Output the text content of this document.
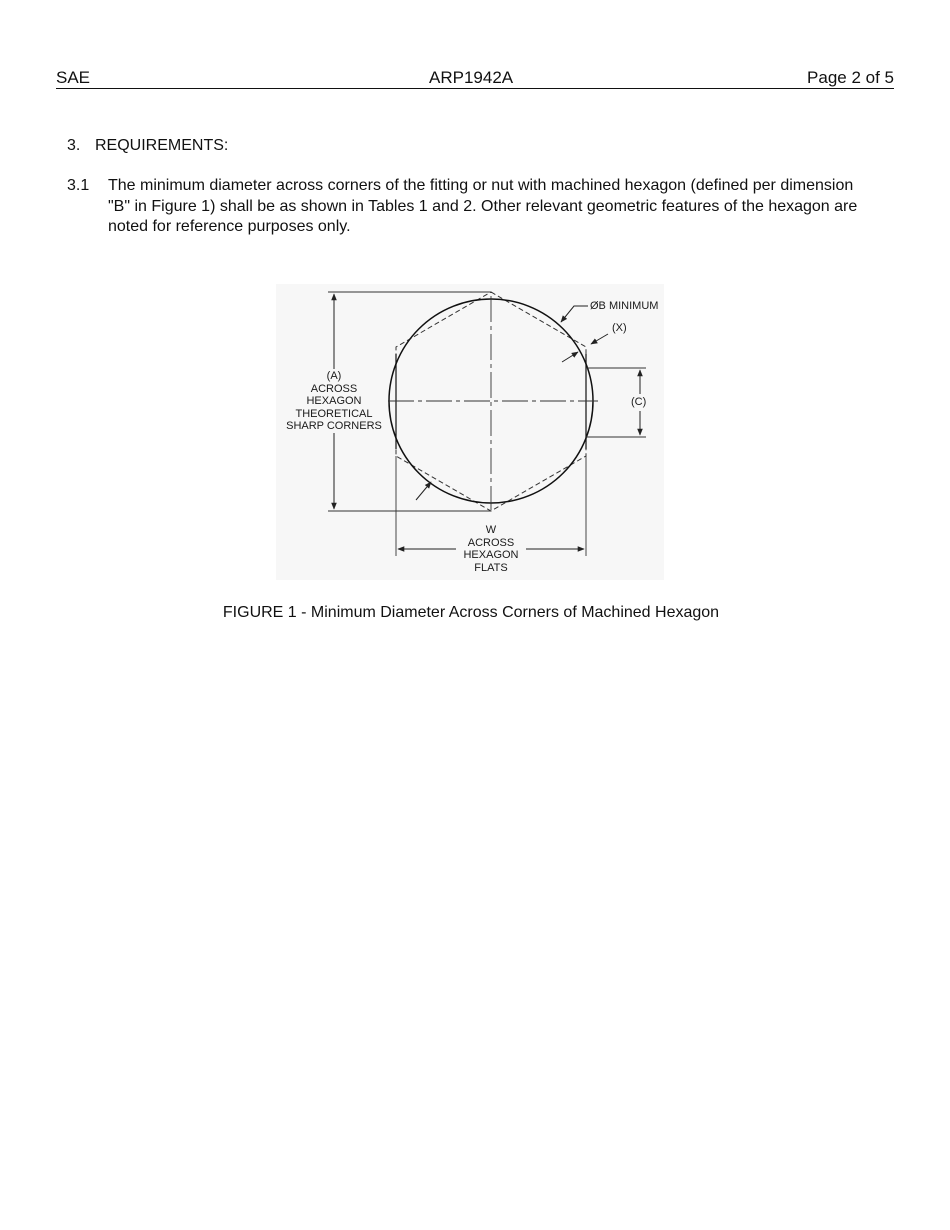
SAE	ARP1942A	Page 2 of 5
3. REQUIREMENTS:
3.1 The minimum diameter across corners of the fitting or nut with machined hexagon (defined per dimension "B" in Figure 1) shall be as shown in Tables 1 and 2. Other relevant geometric features of the hexagon are noted for reference purposes only.
ØB MINIMUM
(X)
(A)
ACROSS
HEXAGON
THEORETICAL
SHARP CORNERS
(C)
W
ACROSS
HEXAGON
FLATS
FIGURE 1 - Minimum Diameter Across Corners of Machined Hexagon
